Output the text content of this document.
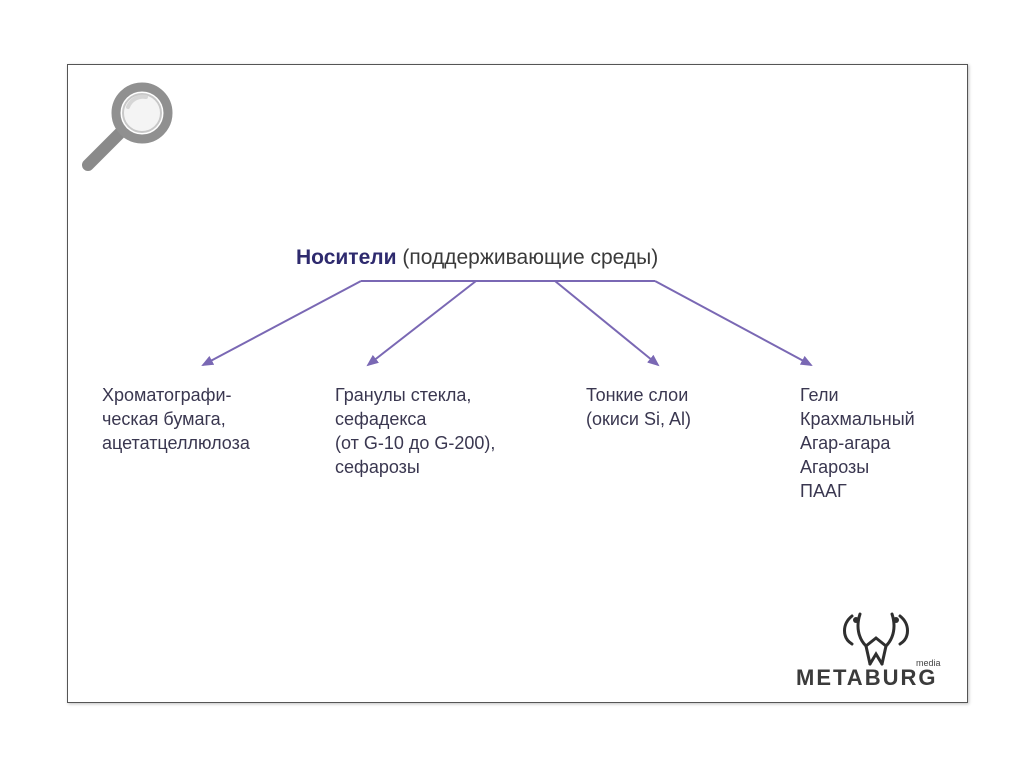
Носители (поддерживающие среды)
Хроматографи-
ческая бумага,
ацетатцеллюлоза
Гранулы стекла,
сефадекса
(от G-10 до G-200),
сефарозы
Тонкие слои
(окиси Si, Al)
Гели
Крахмальный
Агар-агара
Агарозы
ПААГ
media
METABURG
